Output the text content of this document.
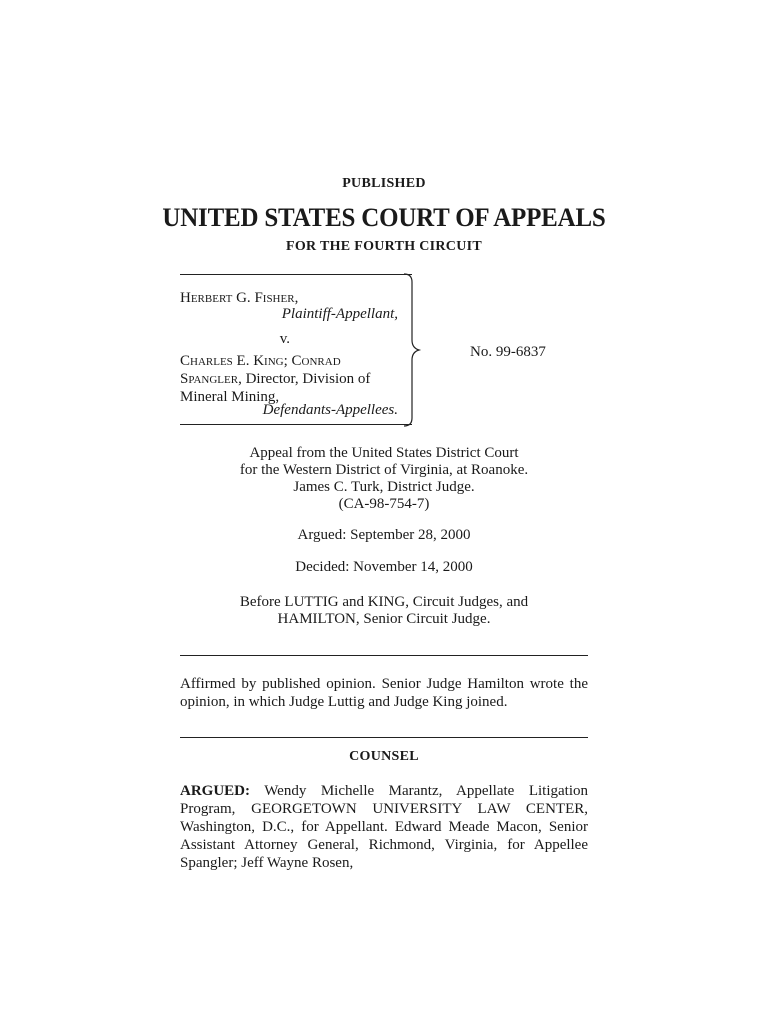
PUBLISHED
UNITED STATES COURT OF APPEALS
FOR THE FOURTH CIRCUIT
Herbert G. Fisher,
Plaintiff-Appellant,
v.
Charles E. King; Conrad Spangler, Director, Division of Mineral Mining,
Defendants-Appellees.
No. 99-6837
Appeal from the United States District Court
for the Western District of Virginia, at Roanoke.
James C. Turk, District Judge.
(CA-98-754-7)
Argued: September 28, 2000
Decided: November 14, 2000
Before LUTTIG and KING, Circuit Judges, and
HAMILTON, Senior Circuit Judge.
Affirmed by published opinion. Senior Judge Hamilton wrote the opinion, in which Judge Luttig and Judge King joined.
COUNSEL
ARGUED: Wendy Michelle Marantz, Appellate Litigation Program, GEORGETOWN UNIVERSITY LAW CENTER, Washington, D.C., for Appellant. Edward Meade Macon, Senior Assistant Attorney General, Richmond, Virginia, for Appellee Spangler; Jeff Wayne Rosen,
